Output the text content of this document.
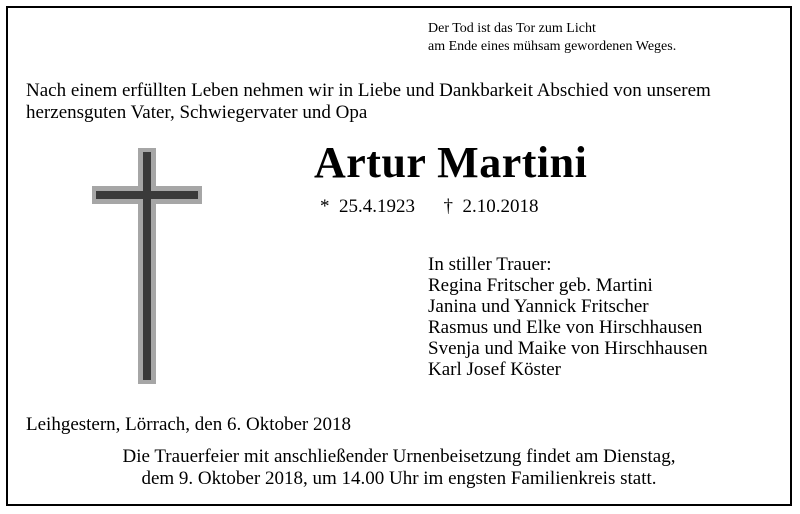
Der Tod ist das Tor zum Licht
am Ende eines mühsam gewordenen Weges.
Nach einem erfüllten Leben nehmen wir in Liebe und Dankbarkeit Abschied von unserem
herzensguten Vater, Schwiegervater und Opa
Artur Martini
* 25.4.1923 † 2.10.2018
In stiller Trauer:
Regina Fritscher geb. Martini
Janina und Yannick Fritscher
Rasmus und Elke von Hirschhausen
Svenja und Maike von Hirschhausen
Karl Josef Köster
Leihgestern, Lörrach, den 6. Oktober 2018
Die Trauerfeier mit anschließender Urnenbeisetzung findet am Dienstag,
dem 9. Oktober 2018, um 14.00 Uhr im engsten Familienkreis statt.
